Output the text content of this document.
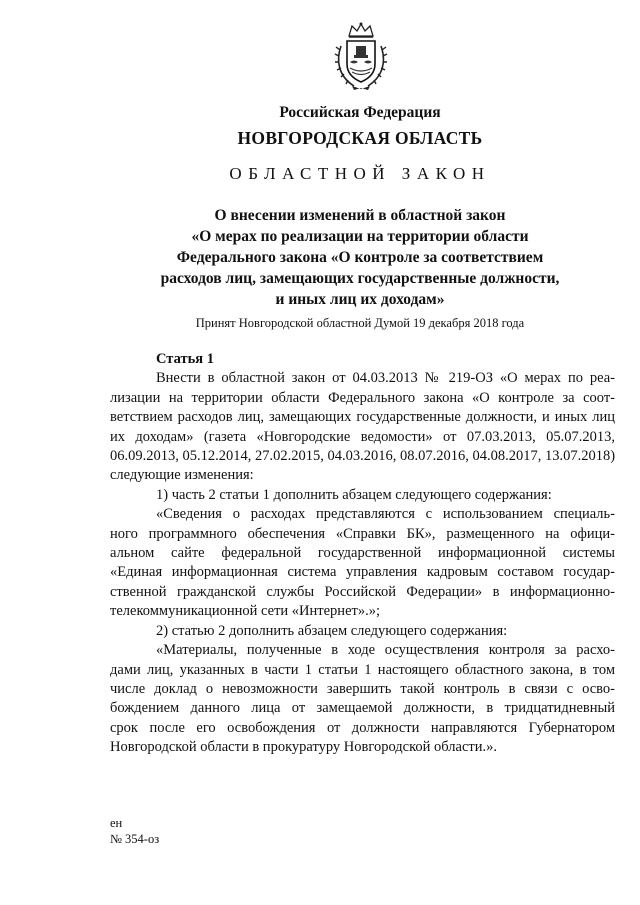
Российская Федерация
НОВГОРОДСКАЯ ОБЛАСТЬ
ОБЛАСТНОЙ ЗАКОН
О внесении изменений в областной закон
«О мерах по реализации на территории области
Федерального закона «О контроле за соответствием
расходов лиц, замещающих государственные должности,
и иных лиц их доходам»
Принят Новгородской областной Думой 19 декабря 2018 года

Статья 1

Внести в областной закон от 04.03.2013 № 219-ОЗ «О мерах по реа-
лизации на территории области Федерального закона «О контроле за соот-
ветствием расходов лиц, замещающих государственные должности, и иных лиц
их доходам» (газета «Новгородские ведомости» от 07.03.2013, 05.07.2013,
06.09.2013, 05.12.2014, 27.02.2015, 04.03.2016, 08.07.2016, 04.08.2017, 13.07.2018)
следующие изменения:

1) часть 2 статьи 1 дополнить абзацем следующего содержания:

«Сведения о расходах представляются с использованием специаль-
ного программного обеспечения «Справки БК», размещенного на офици-
альном сайте федеральной государственной информационной системы
«Единая информационная система управления кадровым составом государ-
ственной гражданской службы Российской Федерации» в информационно-
телекоммуникационной сети «Интернет».»;

2) статью 2 дополнить абзацем следующего содержания:

«Материалы, полученные в ходе осуществления контроля за расхо-
дами лиц, указанных в части 1 статьи 1 настоящего областного закона, в том
числе доклад о невозможности завершить такой контроль в связи с осво-
бождением данного лица от замещаемой должности, в тридцатидневный
срок после его освобождения от должности направляются Губернатором
Новгородской области в прокуратуру Новгородской области.».

ен
№ 354-оз
